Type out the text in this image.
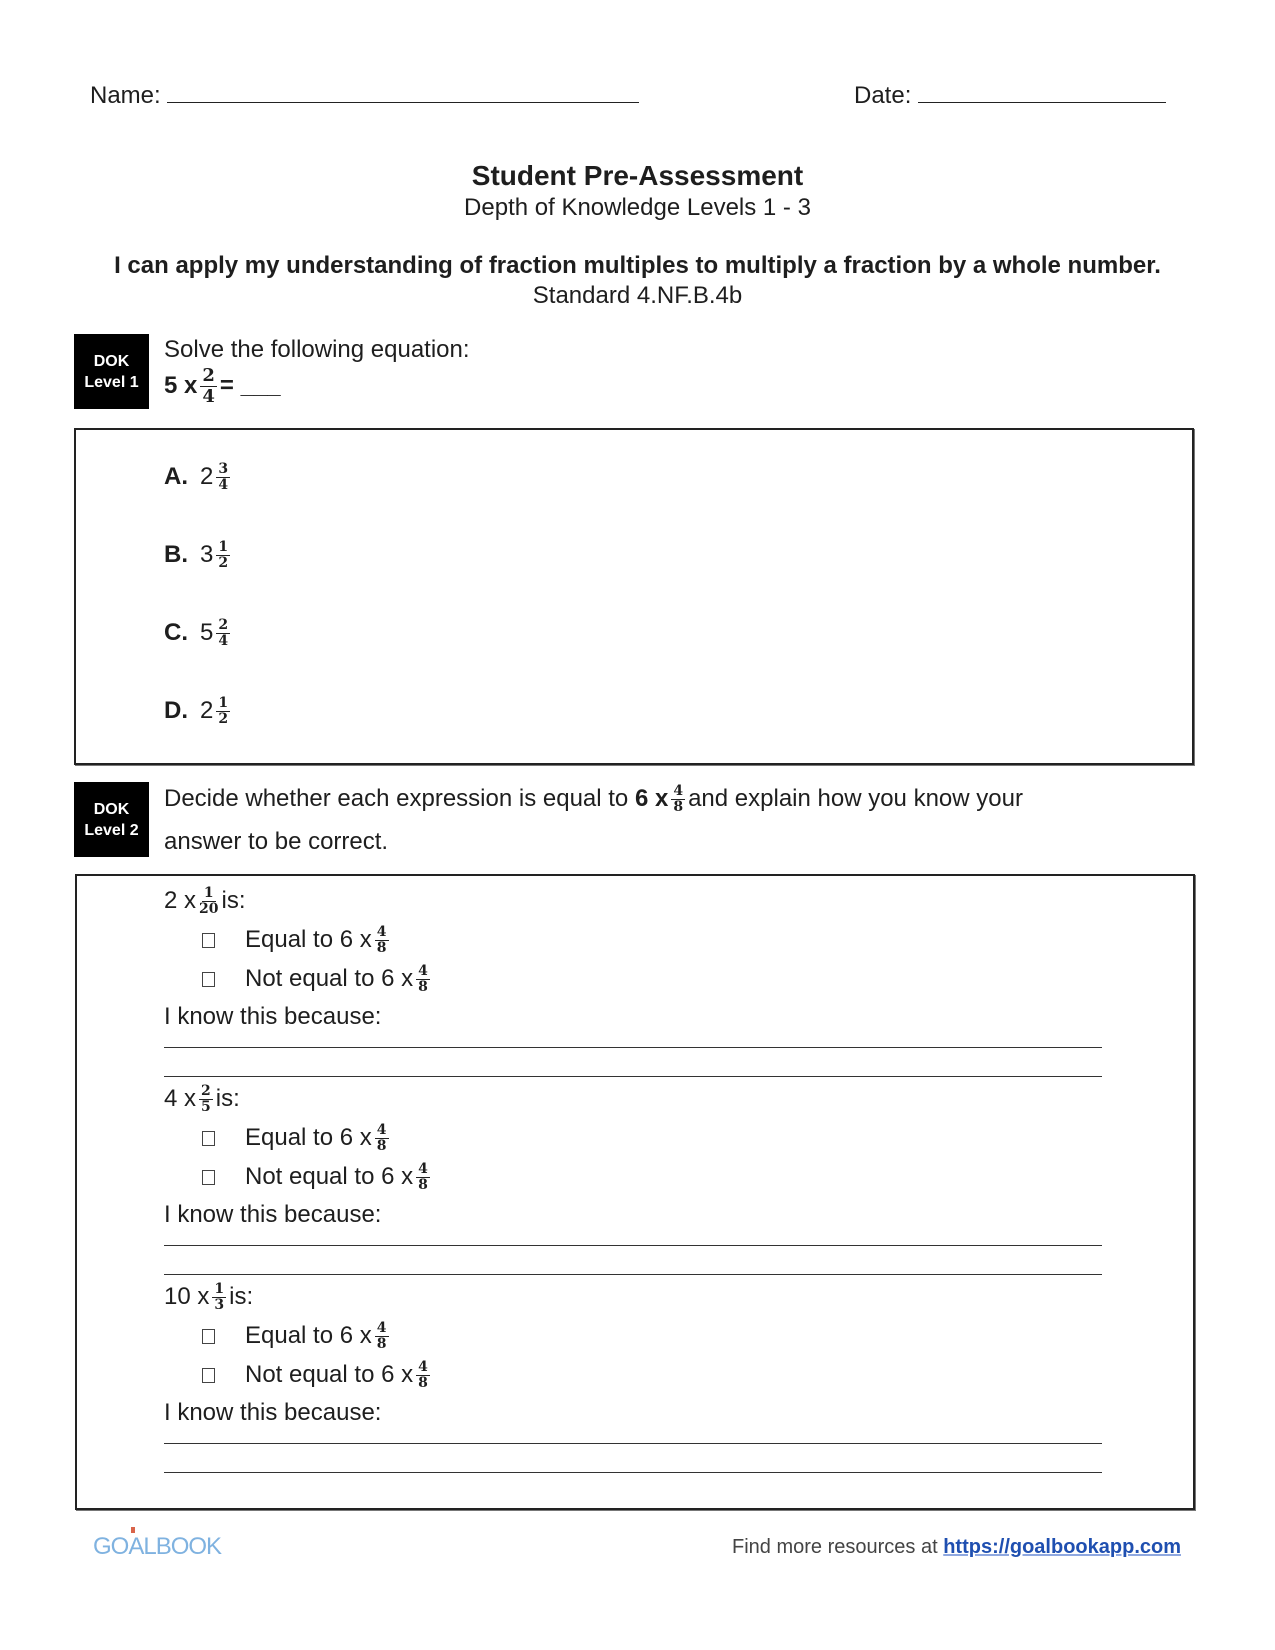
Name:	Date:
Student Pre-Assessment
Depth of Knowledge Levels 1 - 3
I can apply my understanding of fraction multiples to multiply a fraction by a whole number.
Standard 4.NF.B.4b
DOK
Level 1
Solve the following equation:
5 x $\frac{2}{4}$ = ___
A. $2 \frac{3}{4}$
B. $3 \frac{1}{2}$
C. $5 \frac{2}{4}$
D. $2 \frac{1}{2}$
DOK
Level 2
Decide whether each expression is equal to 6 x $\frac{4}{8}$ and explain how you know your
answer to be correct.
2 x $\frac{1}{20}$ is:
Equal to 6 x $\frac{4}{8}$
Not equal to 6 x $\frac{4}{8}$
I know this because:
4 x $\frac{2}{5}$ is:
Equal to 6 x $\frac{4}{8}$
Not equal to 6 x $\frac{4}{8}$
I know this because:
10 x $\frac{1}{3}$ is:
Equal to 6 x $\frac{4}{8}$
Not equal to 6 x $\frac{4}{8}$
I know this because:
GOALBOOK	Find more resources at https://goalbookapp.com
